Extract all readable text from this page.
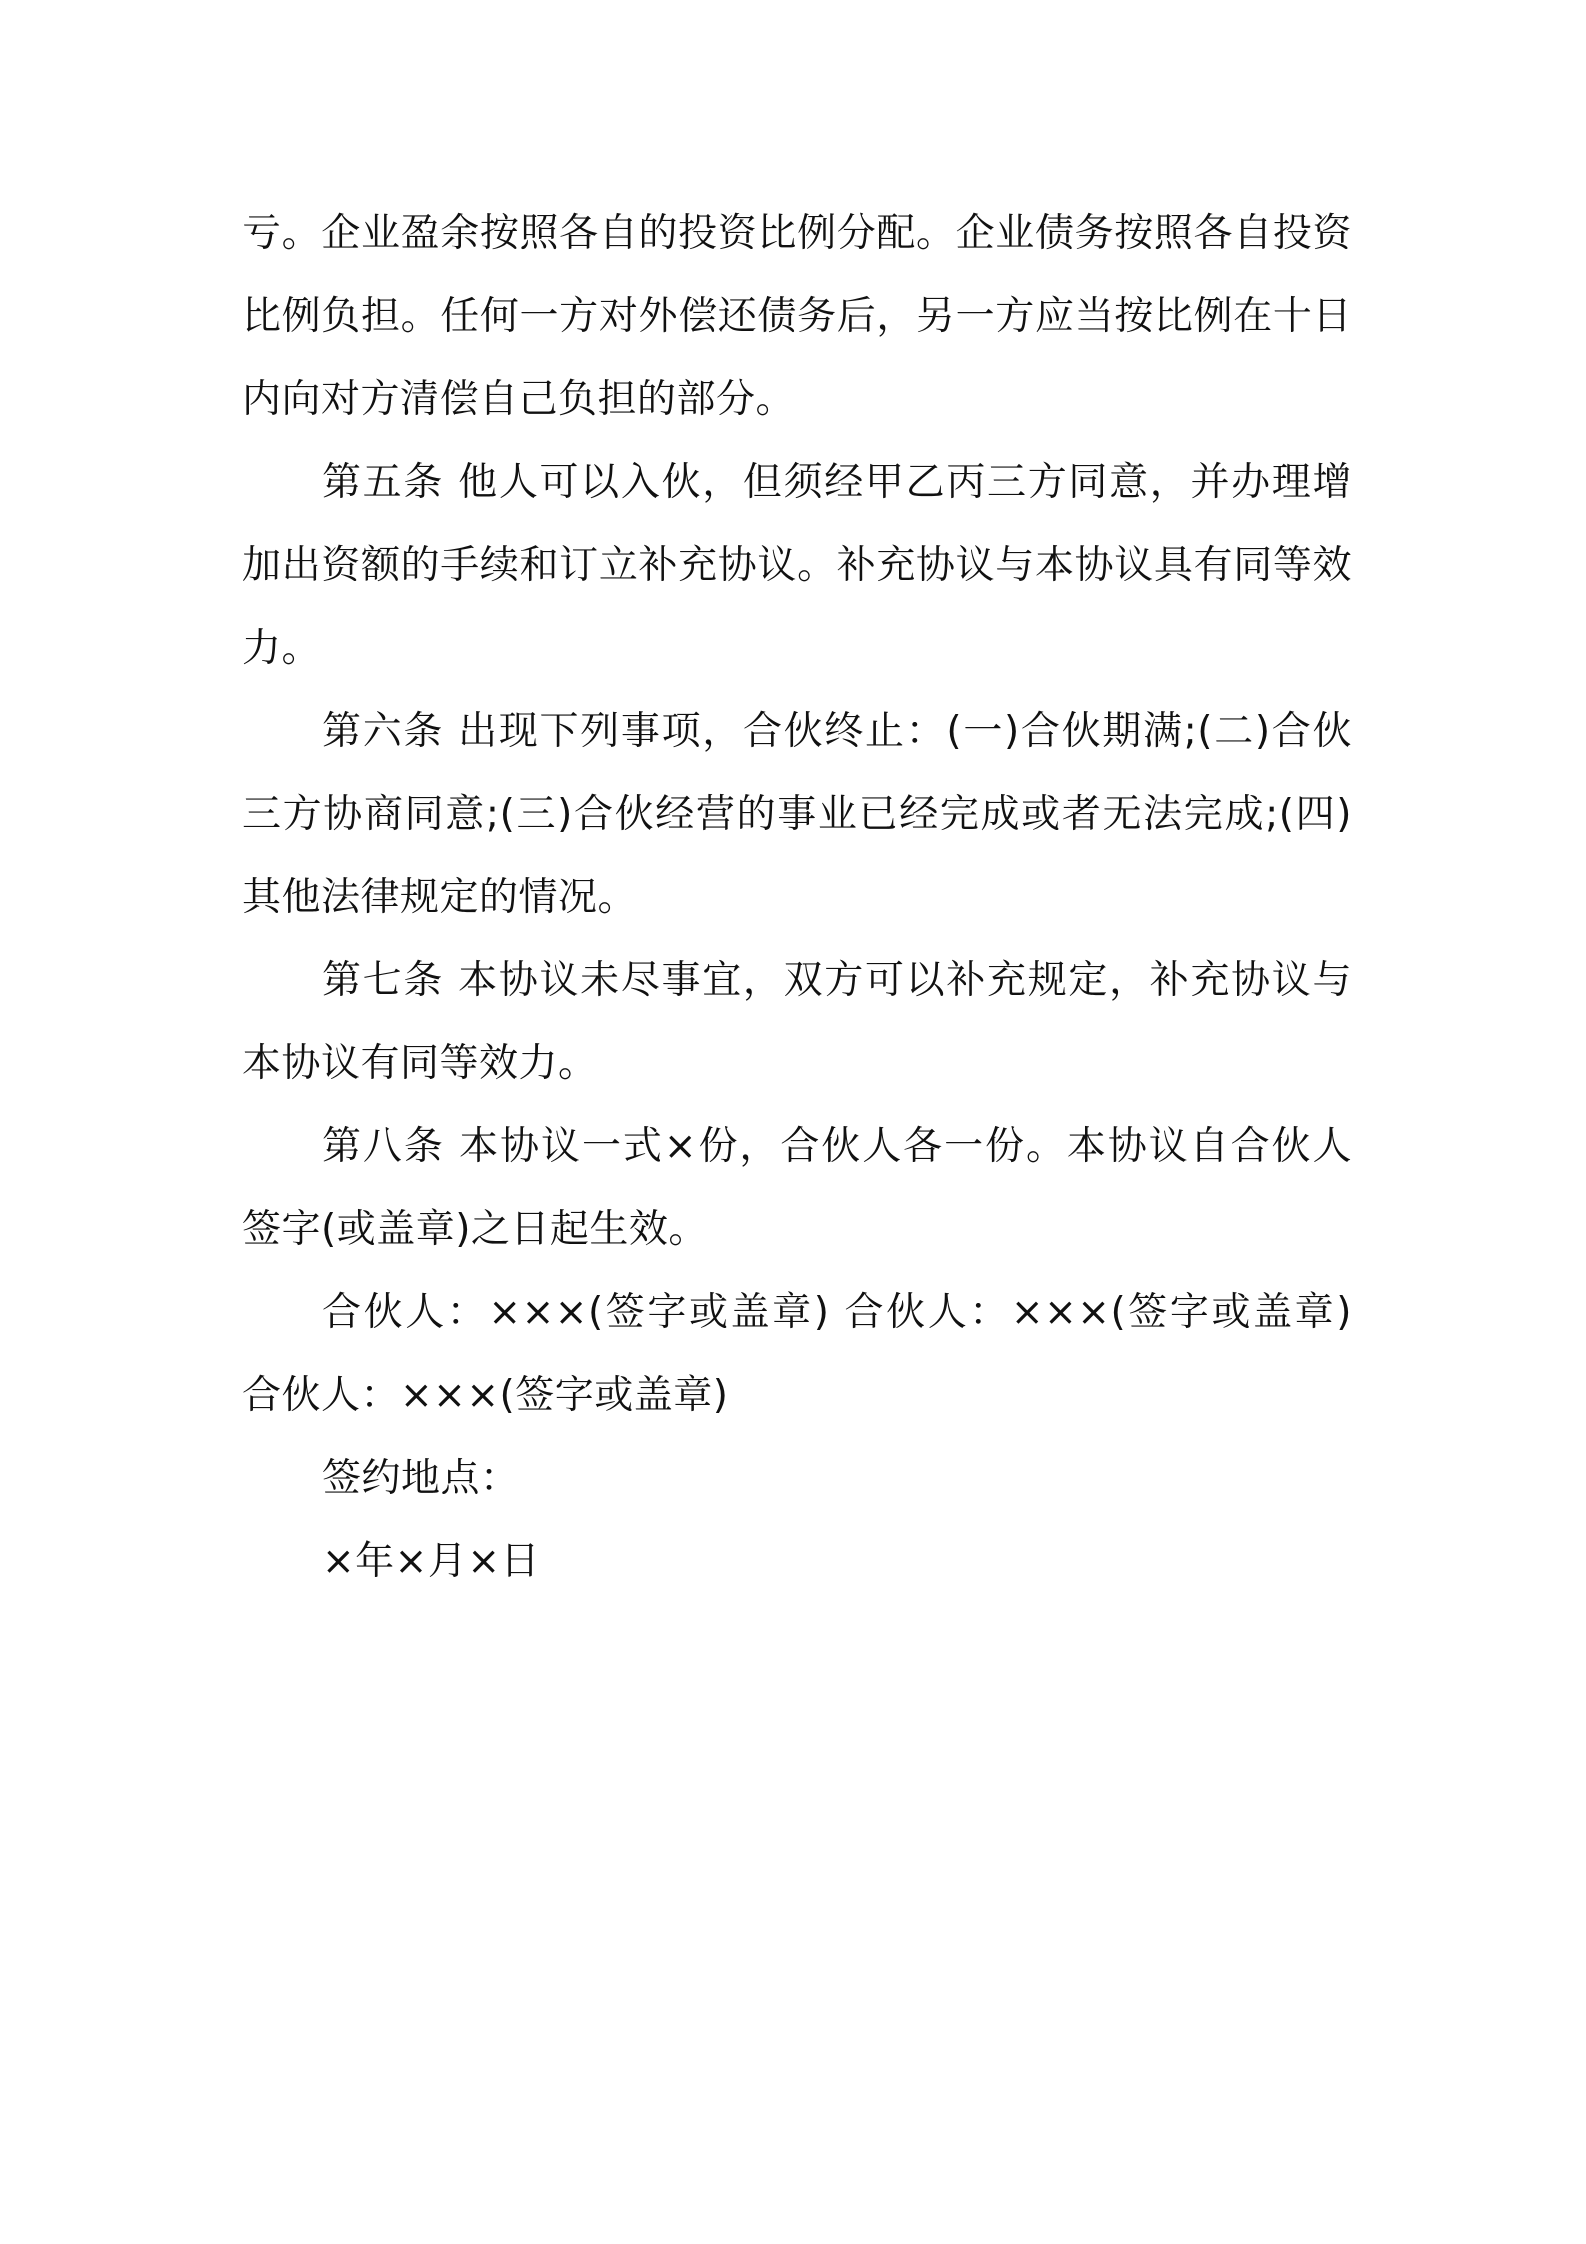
亏。企业盈余按照各自的投资比例分配。企业债务按照各自投资
比例负担。任何一方对外偿还债务后，另一方应当按比例在十日
内向对方清偿自己负担的部分。
第五条 他人可以入伙，但须经甲乙丙三方同意，并办理增
加出资额的手续和订立补充协议。补充协议与本协议具有同等效
力。
第六条 出现下列事项，合伙终止：(一)合伙期满;(二)合伙
三方协商同意;(三)合伙经营的事业已经完成或者无法完成;(四)
其他法律规定的情况。
第七条 本协议未尽事宜，双方可以补充规定，补充协议与
本协议有同等效力。
第八条 本协议一式×份，合伙人各一份。本协议自合伙人
签字(或盖章)之日起生效。
合伙人：×××(签字或盖章) 合伙人：×××(签字或盖章)
合伙人：×××(签字或盖章)
签约地点：
×年×月×日
